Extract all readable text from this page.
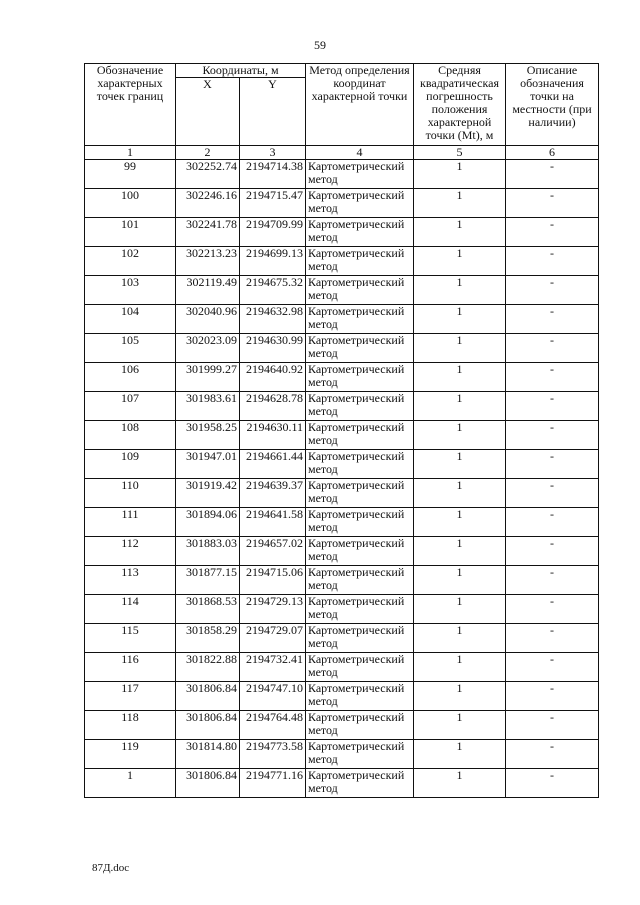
59
Обозначение характерных точек границ	Координаты, м		Метод определения координат характерной точки	Средняя квадратическая погрешность положения характерной точки (Mt), м	Описание обозначения точки на местности (при наличии)
	X	Y			
1	2	3	4	5	6
99	302252.74	2194714.38	Картометрический метод	1	-
100	302246.16	2194715.47	Картометрический метод	1	-
101	302241.78	2194709.99	Картометрический метод	1	-
102	302213.23	2194699.13	Картометрический метод	1	-
103	302119.49	2194675.32	Картометрический метод	1	-
104	302040.96	2194632.98	Картометрический метод	1	-
105	302023.09	2194630.99	Картометрический метод	1	-
106	301999.27	2194640.92	Картометрический метод	1	-
107	301983.61	2194628.78	Картометрический метод	1	-
108	301958.25	2194630.11	Картометрический метод	1	-
109	301947.01	2194661.44	Картометрический метод	1	-
110	301919.42	2194639.37	Картометрический метод	1	-
111	301894.06	2194641.58	Картометрический метод	1	-
112	301883.03	2194657.02	Картометрический метод	1	-
113	301877.15	2194715.06	Картометрический метод	1	-
114	301868.53	2194729.13	Картометрический метод	1	-
115	301858.29	2194729.07	Картометрический метод	1	-
116	301822.88	2194732.41	Картометрический метод	1	-
117	301806.84	2194747.10	Картометрический метод	1	-
118	301806.84	2194764.48	Картометрический метод	1	-
119	301814.80	2194773.58	Картометрический метод	1	-
1	301806.84	2194771.16	Картометрический метод	1	-
87Д.doc
